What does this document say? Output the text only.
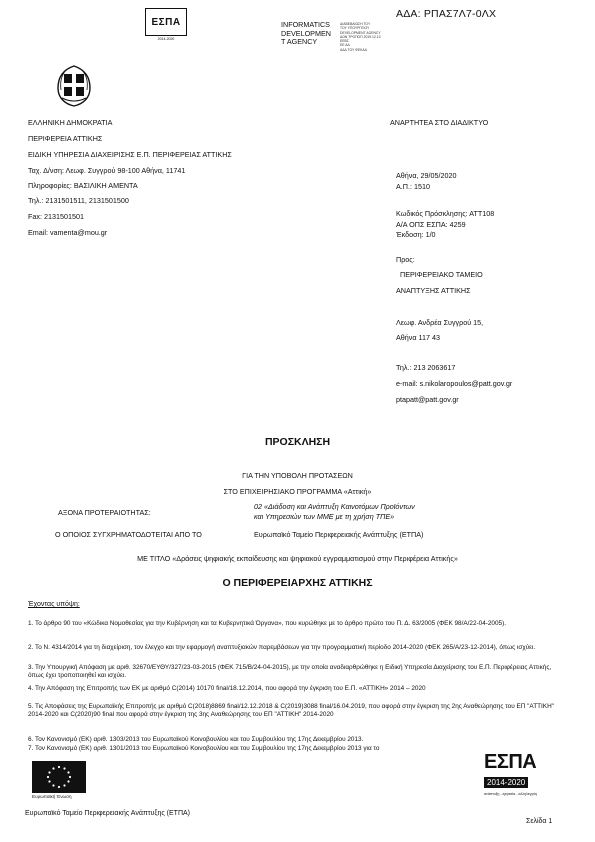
ΕΣΠΑ
2014-2020
INFORMATICS
DEVELOPMEN
T AGENCY
ΔΙΑΒΕΒΑΙΩΣΗ ΤΟΥ
ΤΟΥ ΥΠΟΥΡΓΕΙΟΥ
DEVELOPMENT AGENCY
ΔΩΝ ΤΡΟΠΟΠ 2019.12.13
ΕΕΒΣ
ΕΕ ΑΔ
ΑΔΑ ΤΟΥ ΦΕΚΑΔ
ΑΔΑ: ΡΠΑΣ7Λ7-0ΛΧ
ΕΛΛΗΝΙΚΗ ΔΗΜΟΚΡΑΤΙΑ
ΠΕΡΙΦΕΡΕΙΑ ΑΤΤΙΚΗΣ
ΕΙΔΙΚΗ ΥΠΗΡΕΣΙΑ ΔΙΑΧΕΙΡΙΣΗΣ Ε.Π. ΠΕΡΙΦΕΡΕΙΑΣ ΑΤΤΙΚΗΣ
Ταχ. Δ/νση: Λεωφ. Συγγρού 98-100 Αθήνα, 11741
Πληροφορίες: ΒΑΣΙΛΙΚΗ ΑΜΕΝΤΑ
Τηλ.: 2131501511, 2131501500
Fax: 2131501501
Email: vamenta@mou.gr
ΑΝΑΡΤΗΤΕΑ ΣΤΟ ΔΙΑΔΙΚΤΥΟ
Αθήνα, 29/05/2020
Α.Π.: 1510
Κωδικός Πρόσκλησης: ΑΤΤ108
Α/Α ΟΠΣ ΕΣΠΑ: 4259
Έκδοση: 1/0
Προς:
ΠΕΡΙΦΕΡΕΙΑΚΟ ΤΑΜΕΙΟ
ΑΝΑΠΤΥΞΗΣ ΑΤΤΙΚΗΣ
Λεωφ. Ανδρέα Συγγρού 15,
Αθήνα 117 43
Τηλ.: 213 2063617
e-mail: s.nikolaropoulos@patt.gov.gr
ptapatt@patt.gov.gr
ΠΡΟΣΚΛΗΣΗ
ΓΙΑ ΤΗΝ ΥΠΟΒΟΛΗ ΠΡΟΤΑΣΕΩΝ
ΣΤΟ ΕΠΙΧΕΙΡΗΣΙΑΚΟ ΠΡΟΓΡΑΜΜΑ «Αττική»
ΑΞΟΝΑ ΠΡΟΤΕΡΑΙΟΤΗΤΑΣ:
02 «Διάδοση και Ανάπτυξη Καινοτόμων Προϊόντων
και Υπηρεσιών των ΜΜΕ με τη χρήση ΤΠΕ»
Ο ΟΠΟΙΟΣ ΣΥΓΧΡΗΜΑΤΟΔΟΤΕΙΤΑΙ ΑΠΟ ΤΟ	Ευρωπαϊκό Ταμείο Περιφερειακής Ανάπτυξης (ΕΤΠΑ)
ΜΕ ΤΙΤΛΟ «Δράσεις ψηφιακής εκπαίδευσης και ψηφιακού εγγραμματισμού στην Περιφέρεια Αττικής»
Ο ΠΕΡΙΦΕΡΕΙΑΡΧΗΣ ΑΤΤΙΚΗΣ
Έχοντας υπόψη:
1. Το άρθρο 90 του «Κώδικα Νομοθεσίας για την Κυβέρνηση και τα Κυβερνητικά Όργανα», που κυρώθηκε με το άρθρο πρώτο του Π. Δ. 63/2005 (ΦΕΚ 98/Α/22-04-2005).
2. Το Ν. 4314/2014 για τη διαχείριση, τον έλεγχο και την εφαρμογή αναπτυξιακών παρεμβάσεων για την προγραμματική περίοδο 2014-2020 (ΦΕΚ 265/Α/23-12-2014), όπως ισχύει.
3. Την Υπουργική Απόφαση με αριθ. 32670/ΕΥΘΥ/327/23-03-2015 (ΦΕΚ 715/Β/24-04-2015), με την οποία αναδιαρθρώθηκε η Ειδική Υπηρεσία Διαχείρισης του Ε.Π. Περιφέρειας Αττικής, όπως έχει τροποποιηθεί και ισχύει.
4. Την Απόφαση της Επιτροπής των ΕΚ με αριθμό C(2014) 10170 final/18.12.2014, που αφορά την έγκριση του Ε.Π. «ΑΤΤΙΚΗ» 2014 – 2020
5. Τις Αποφάσεις της Ευρωπαϊκής Επιτροπής με αριθμό C(2018)8869 final/12.12.2018 & C(2019)3088 final/16.04.2019, που αφορά στην έγκριση της 2ης Αναθεώρησης του ΕΠ "ΑΤΤΙΚΗ" 2014-2020 και C(2020)90 final που αφορά στην έγκριση της 3ης Αναθεώρησης του ΕΠ "ΑΤΤΙΚΗ" 2014-2020
6. Τον Κανονισμό (ΕΚ) αριθ. 1303/2013 του Ευρωπαϊκού Κοινοβουλίου και του Συμβουλίου της 17ης Δεκεμβρίου 2013.
7. Τον Κανονισμό (ΕΚ) αριθ. 1301/2013 του Ευρωπαϊκού Κοινοβουλίου και του Συμβουλίου της 17ης Δεκεμβρίου 2013 για το
Ευρωπαϊκή Ένωση
ΕΣΠΑ
2014-2020
ανάπτυξη - εργασία - αλληλεγγύη
Ευρωπαϊκό Ταμείο Περιφερειακής Ανάπτυξης (ΕΤΠΑ)
Σελίδα 1
